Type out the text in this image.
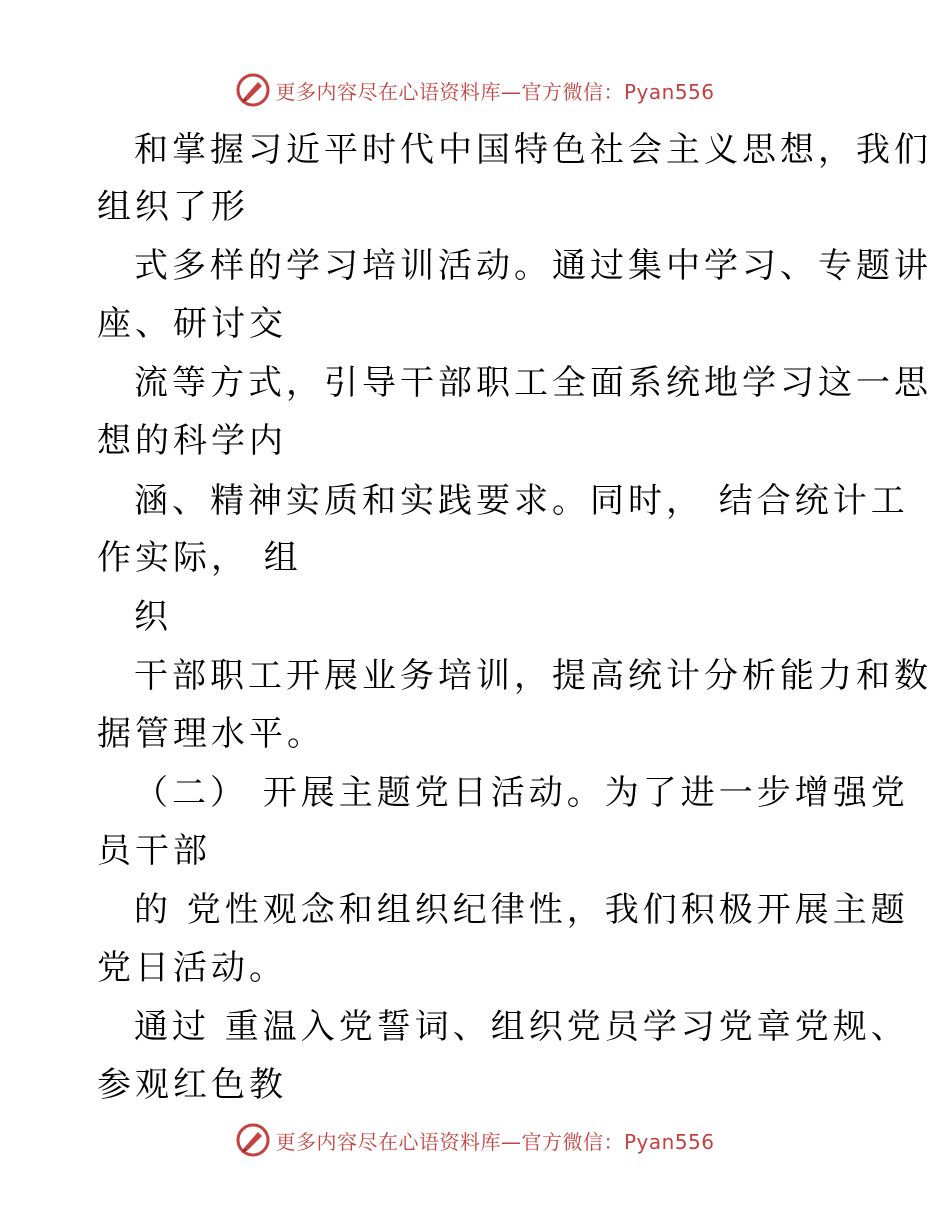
更多内容尽在心语资料库—官方微信：Pyan556
更多内容尽在心语资料库—官方微信：Pyan556
和掌握习近平时代中国特色社会主义思想，我们
组织了形
式多样的学习培训活动。通过集中学习、专题讲
座、研讨交
流等方式，引导干部职工全面系统地学习这一思
想的科学内
涵、精神实质和实践要求。同时， 结合统计工
作实际， 组
织
干部职工开展业务培训，提高统计分析能力和数
据管理水平。
（二） 开展主题党日活动。为了进一步增强党
员干部
的 党性观念和组织纪律性，我们积极开展主题
党日活动。
通过 重温入党誓词、组织党员学习党章党规、
参观红色教
